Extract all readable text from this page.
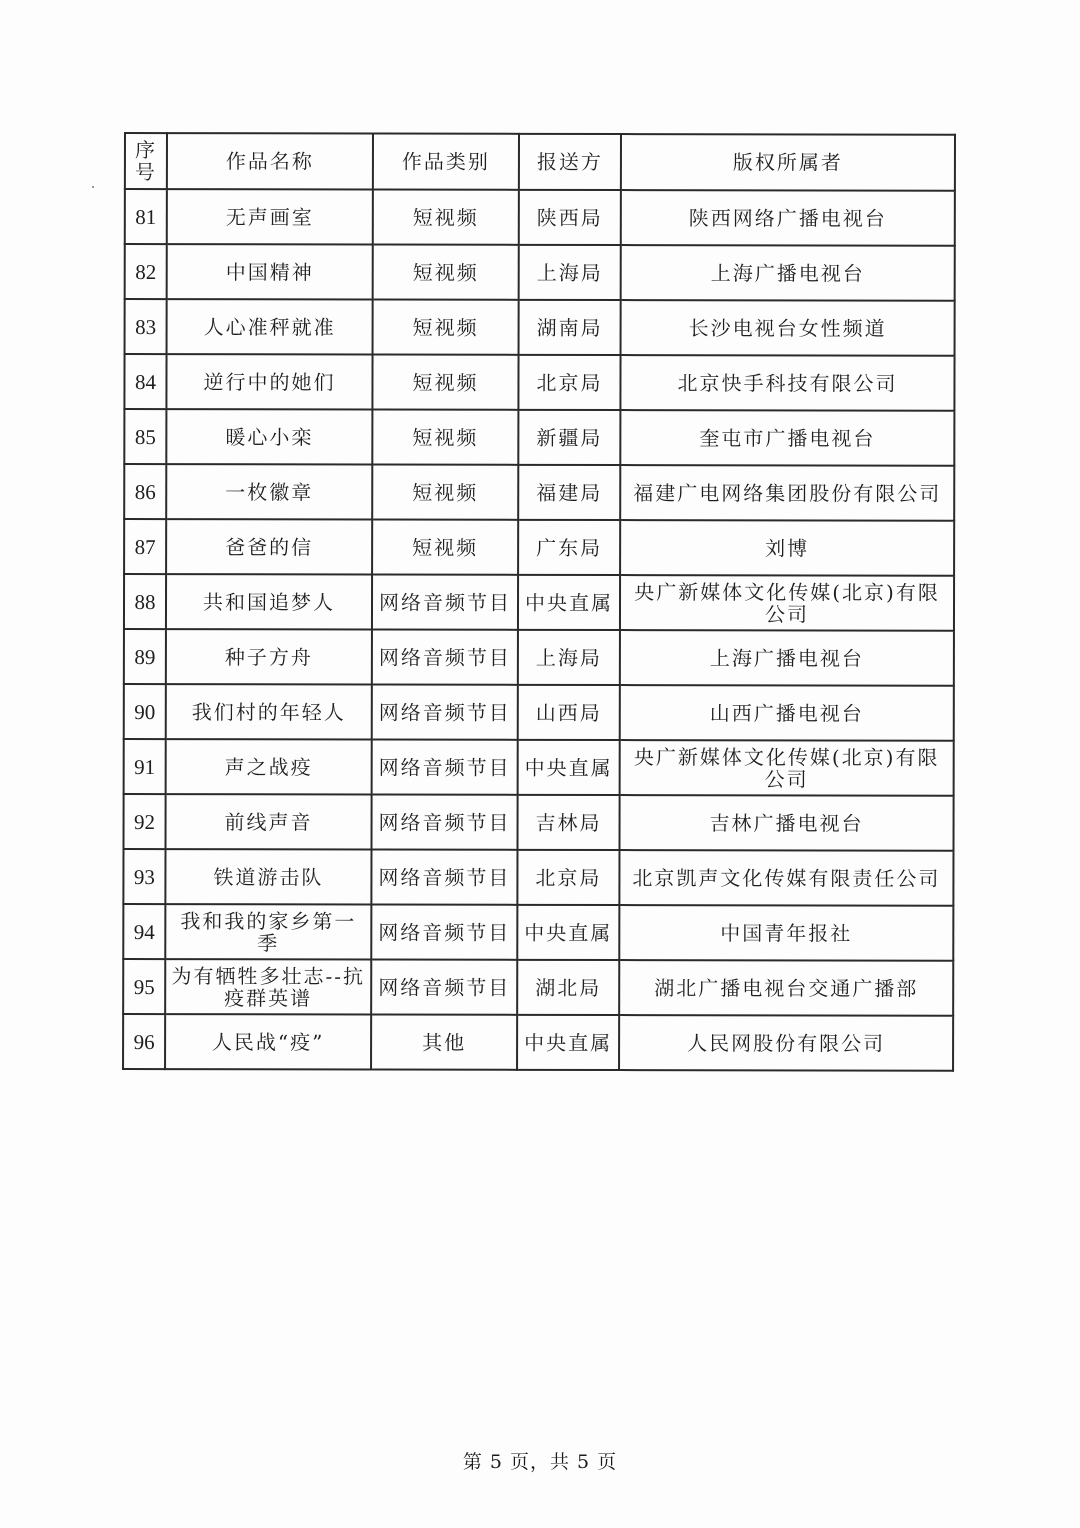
序号	作品名称	作品类别	报送方	版权所属者
81	无声画室	短视频	陕西局	陕西网络广播电视台
82	中国精神	短视频	上海局	上海广播电视台
83	人心准秤就准	短视频	湖南局	长沙电视台女性频道
84	逆行中的她们	短视频	北京局	北京快手科技有限公司
85	暖心小栾	短视频	新疆局	奎屯市广播电视台
86	一枚徽章	短视频	福建局	福建广电网络集团股份有限公司
87	爸爸的信	短视频	广东局	刘博
88	共和国追梦人	网络音频节目	中央直属	央广新媒体文化传媒(北京)有限公司
89	种子方舟	网络音频节目	上海局	上海广播电视台
90	我们村的年轻人	网络音频节目	山西局	山西广播电视台
91	声之战疫	网络音频节目	中央直属	央广新媒体文化传媒(北京)有限公司
92	前线声音	网络音频节目	吉林局	吉林广播电视台
93	铁道游击队	网络音频节目	北京局	北京凯声文化传媒有限责任公司
94	我和我的家乡第一季	网络音频节目	中央直属	中国青年报社
95	为有牺牲多壮志--抗疫群英谱	网络音频节目	湖北局	湖北广播电视台交通广播部
96	人民战“疫”	其他	中央直属	人民网股份有限公司
第 5 页，共 5 页
